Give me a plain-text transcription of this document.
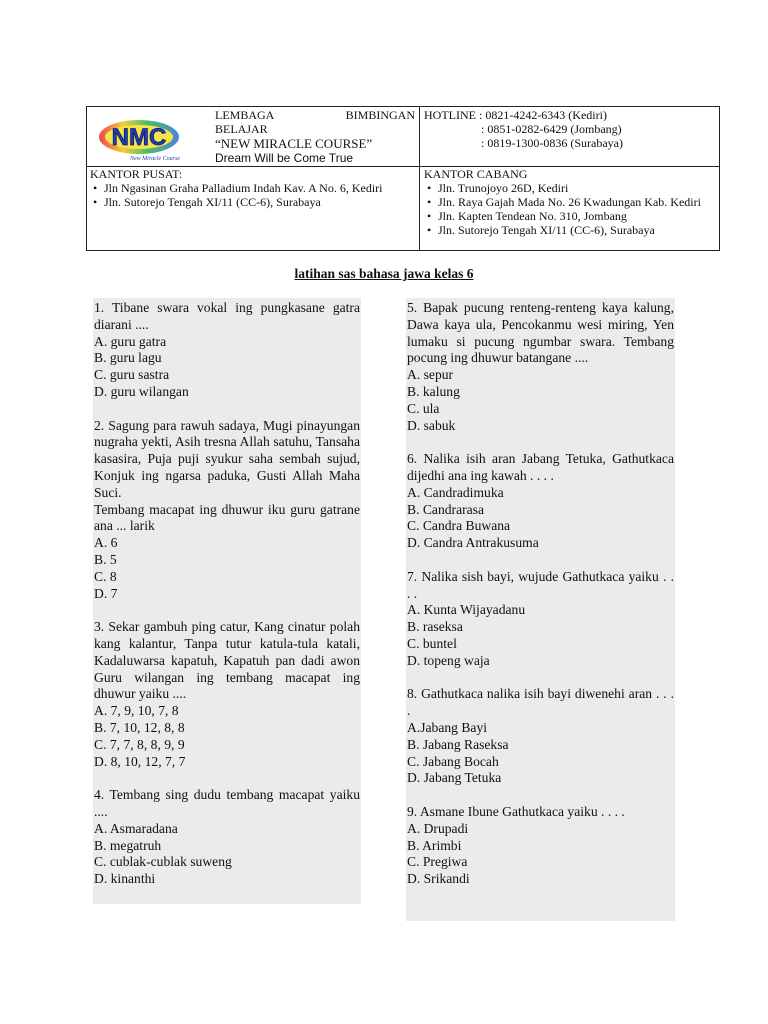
NMC
New Miracle Course
LEMBAGA	BIMBINGAN
BELAJAR
“NEW MIRACLE COURSE”
Dream Will be Come True
HOTLINE : 0821-4242-6343 (Kediri)
: 0851-0282-6429 (Jombang)
: 0819-1300-0836 (Surabaya)
KANTOR PUSAT:
• Jln Ngasinan Graha Palladium Indah Kav. A No. 6, Kediri
• Jln. Sutorejo Tengah XI/11 (CC-6), Surabaya
KANTOR CABANG
• Jln. Trunojoyo 26D, Kediri
• Jln. Raya Gajah Mada No. 26 Kwadungan Kab. Kediri
• Jln. Kapten Tendean No. 310, Jombang
• Jln. Sutorejo Tengah XI/11 (CC-6), Surabaya
latihan sas bahasa jawa kelas 6
1. Tibane swara vokal ing pungkasane gatra diarani ....
A. guru gatra
B. guru lagu
C. guru sastra
D. guru wilangan
2. Sagung para rawuh sadaya, Mugi pinayungan nugraha yekti, Asih tresna Allah satuhu, Tansaha kasasira, Puja puji syukur saha sembah sujud, Konjuk ing ngarsa paduka, Gusti Allah Maha Suci.
Tembang macapat ing dhuwur iku guru gatrane ana ... larik
A. 6
B. 5
C. 8
D. 7
3. Sekar gambuh ping catur, Kang cinatur polah kang kalantur, Tanpa tutur katula-tula katali, Kadaluwarsa kapatuh, Kapatuh pan dadi awon Guru wilangan ing tembang macapat ing dhuwur yaiku ....
A. 7, 9, 10, 7, 8
B. 7, 10, 12, 8, 8
C. 7, 7, 8, 8, 9, 9
D. 8, 10, 12, 7, 7
4. Tembang sing dudu tembang macapat yaiku ....
A. Asmaradana
B. megatruh
C. cublak-cublak suweng
D. kinanthi
5. Bapak pucung renteng-renteng kaya kalung, Dawa kaya ula, Pencokanmu wesi miring, Yen lumaku si pucung ngumbar swara. Tembang pocung ing dhuwur batangane ....
A. sepur
B. kalung
C. ula
D. sabuk
6. Nalika isih aran Jabang Tetuka, Gathutkaca dijedhi ana ing kawah . . . .
A. Candradimuka
B. Candrarasa
C. Candra Buwana
D. Candra Antrakusuma
7. Nalika sish bayi, wujude Gathutkaca yaiku . . . .
A. Kunta Wijayadanu
B. raseksa
C. buntel
D. topeng waja
8. Gathutkaca nalika isih bayi diwenehi aran . . . .
A.Jabang Bayi
B. Jabang Raseksa
C. Jabang Bocah
D. Jabang Tetuka
9. Asmane Ibune Gathutkaca yaiku . . . .
A. Drupadi
B. Arimbi
C. Pregiwa
D. Srikandi
